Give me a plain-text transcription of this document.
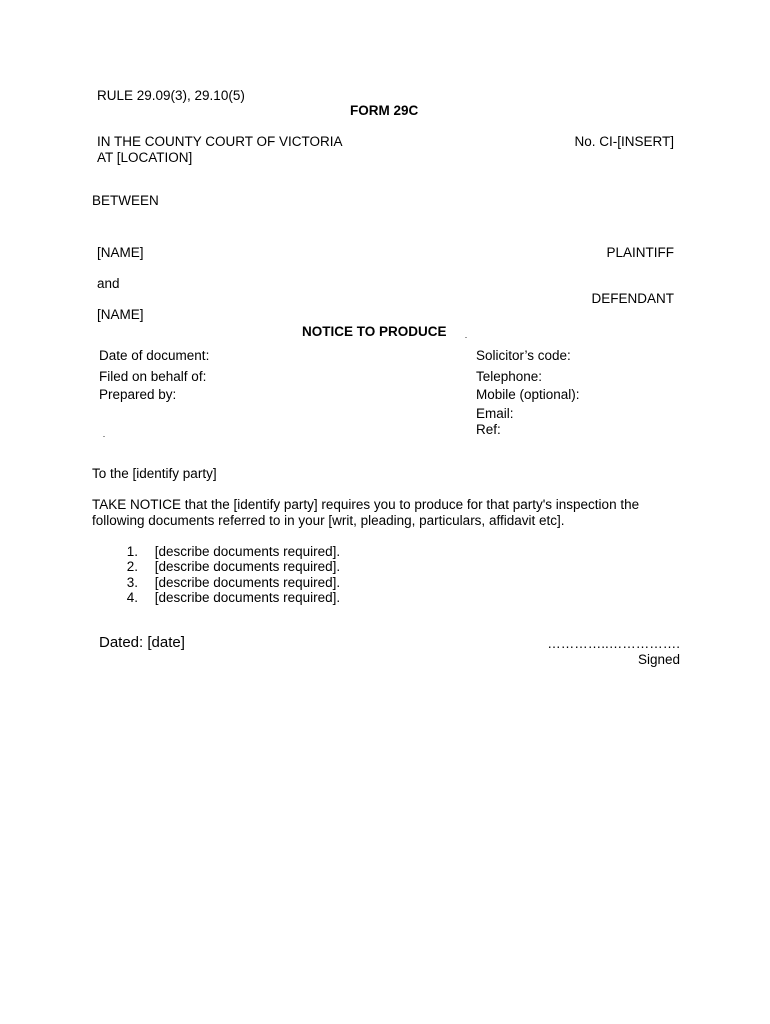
RULE 29.09(3), 29.10(5)
FORM 29C
IN THE COUNTY COURT OF VICTORIA
AT [LOCATION]
No. CI-[INSERT]
BETWEEN
[NAME]	PLAINTIFF
and
DEFENDANT
[NAME]
NOTICE TO PRODUCE
Date of document:
Filed on behalf of:
Prepared by:
Solicitor’s code:
Telephone:
Mobile (optional):
Email:
Ref:
To the [identify party]
TAKE NOTICE that the [identify party] requires you to produce for that party's inspection the following documents referred to in your [writ, pleading, particulars, affidavit etc].
1. [describe documents required].
2. [describe documents required].
3. [describe documents required].
4. [describe documents required].
Dated: [date]	…………..…………….
Signed
